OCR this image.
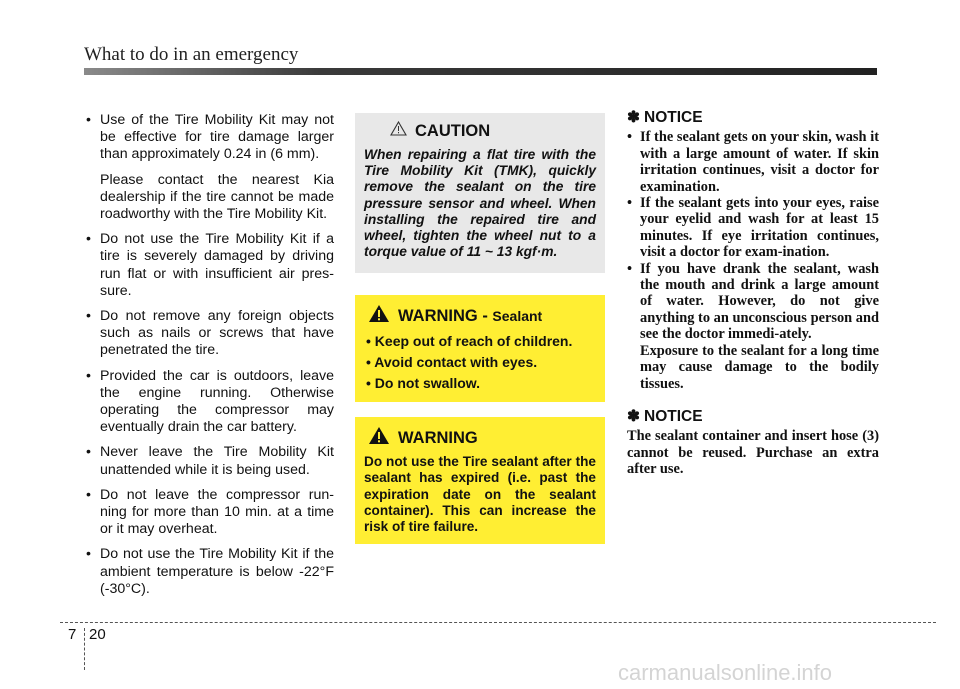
What to do in an emergency
• Use of the Tire Mobility Kit may not be effective for tire damage larger than approximately 0.24 in (6 mm).

Please contact the nearest Kia dealership if the tire cannot be made roadworthy with the Tire Mobility Kit.

• Do not use the Tire Mobility Kit if a tire is severely damaged by driving run flat or with insufficient air pres-sure.

• Do not remove any foreign objects such as nails or screws that have penetrated the tire.

• Provided the car is outdoors, leave the engine running. Otherwise operating the compressor may eventually drain the car battery.

• Never leave the Tire Mobility Kit unattended while it is being used.

• Do not leave the compressor run-ning for more than 10 min. at a time or it may overheat.

• Do not use the Tire Mobility Kit if the ambient temperature is below -22°F (-30°C).

CAUTION
When repairing a flat tire with the Tire Mobility Kit (TMK), quickly remove the sealant on the tire pressure sensor and wheel. When installing the repaired tire and wheel, tighten the wheel nut to a torque value of 11 ~ 13 kgf·m.
WARNING - Sealant
• Keep out of reach of children.
• Avoid contact with eyes.
• Do not swallow.
WARNING
Do not use the Tire sealant after the sealant has expired (i.e. past the expiration date on the sealant container). This can increase the risk of tire failure.
✽ NOTICE
• If the sealant gets on your skin, wash it with a large amount of water. If skin irritation continues, visit a doctor for examination.
• If the sealant gets into your eyes, raise your eyelid and wash for at least 15 minutes. If eye irritation continues, visit a doctor for exam-ination.
• If you have drank the sealant, wash the mouth and drink a large amount of water. However, do not give anything to an unconscious person and see the doctor immedi-ately.
Exposure to the sealant for a long time may cause damage to the bodily tissues.
✽ NOTICE
The sealant container and insert hose (3) cannot be reused. Purchase an extra after use.
7 20
carmanualsonline.info
